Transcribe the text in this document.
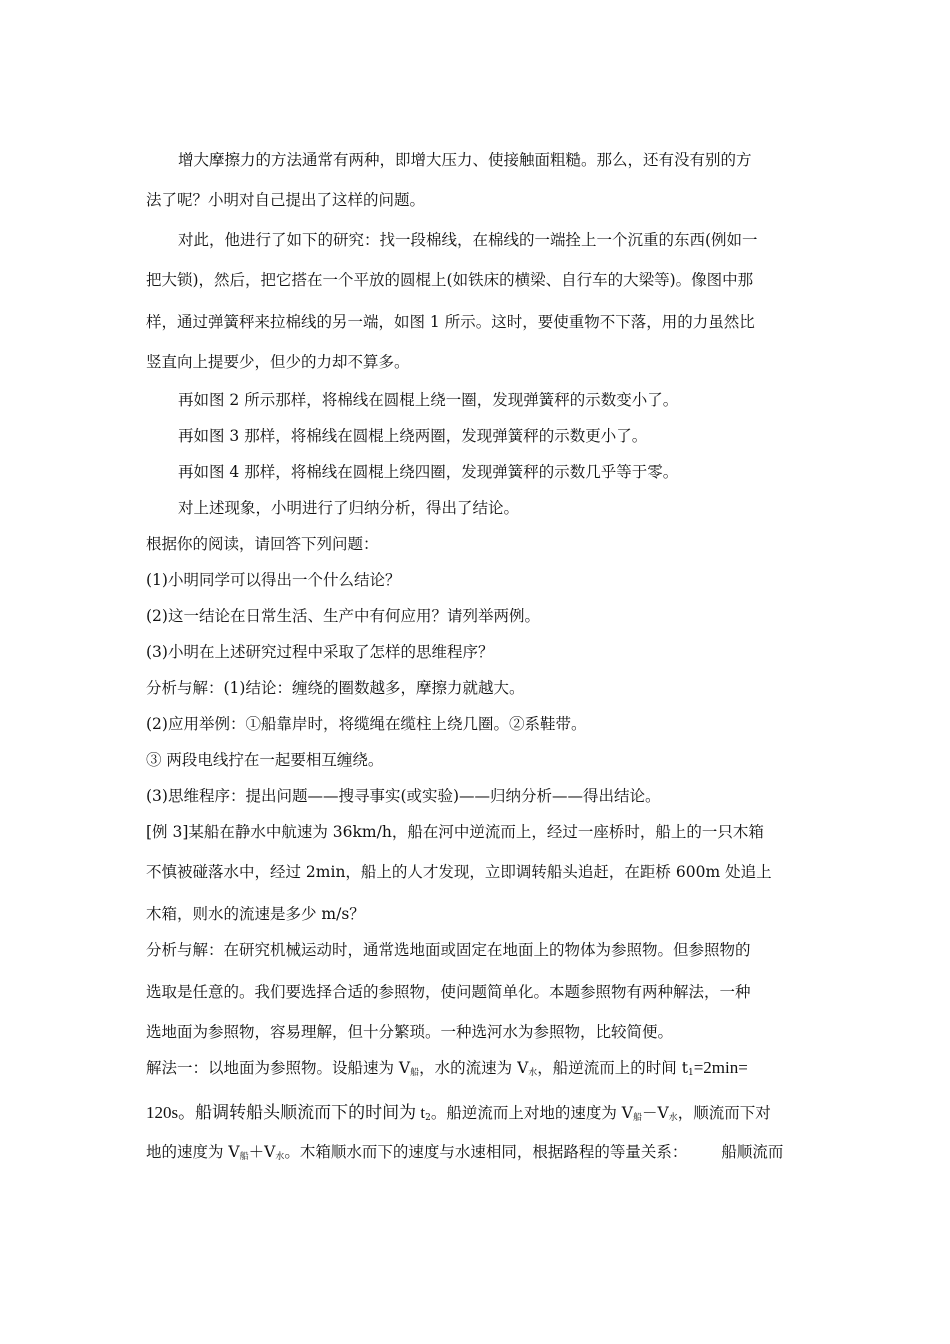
增大摩擦力的方法通常有两种，即增大压力、使接触面粗糙。那么，还有没有别的方
法了呢？小明对自己提出了这样的问题。
对此，他进行了如下的研究：找一段棉线，在棉线的一端拴上一个沉重的东西(例如一
把大锁)，然后，把它搭在一个平放的圆棍上(如铁床的横梁、自行车的大梁等)。像图中那
样，通过弹簧秤来拉棉线的另一端，如图 1 所示。这时，要使重物不下落，用的力虽然比
竖直向上提要少，但少的力却不算多。
再如图 2 所示那样，将棉线在圆棍上绕一圈，发现弹簧秤的示数变小了。
再如图 3 那样，将棉线在圆棍上绕两圈，发现弹簧秤的示数更小了。
再如图 4 那样，将棉线在圆棍上绕四圈，发现弹簧秤的示数几乎等于零。
对上述现象，小明进行了归纳分析，得出了结论。
根据你的阅读，请回答下列问题：
(1)小明同学可以得出一个什么结论？
(2)这一结论在日常生活、生产中有何应用？请列举两例。
(3)小明在上述研究过程中采取了怎样的思维程序？
分析与解：(1)结论：缠绕的圈数越多，摩擦力就越大。
(2)应用举例：①船靠岸时，将缆绳在缆柱上绕几圈。②系鞋带。
③ 两段电线拧在一起要相互缠绕。
(3)思维程序：提出问题——搜寻事实(或实验)——归纳分析——得出结论。
[例 3]某船在静水中航速为 36km/h，船在河中逆流而上，经过一座桥时，船上的一只木箱
不慎被碰落水中，经过 2min，船上的人才发现，立即调转船头追赶，在距桥 600m 处追上
木箱，则水的流速是多少 m/s？
分析与解：在研究机械运动时，通常选地面或固定在地面上的物体为参照物。但参照物的
选取是任意的。我们要选择合适的参照物，使问题简单化。本题参照物有两种解法，一种
选地面为参照物，容易理解，但十分繁琐。一种选河水为参照物，比较简便。
解法一：以地面为参照物。设船速为 $V_船$，水的流速为 $V_水$，船逆流而上的时间 $t_1=2\min=$
120s。船调转船头顺流而下的时间为 $t_2$。船逆流而上对地的速度为 $V_船-V_水$，顺流而下对
地的速度为 $V_船+V_水$。木箱顺水而下的速度与水速相同，根据路程的等量关系： 船顺流而
